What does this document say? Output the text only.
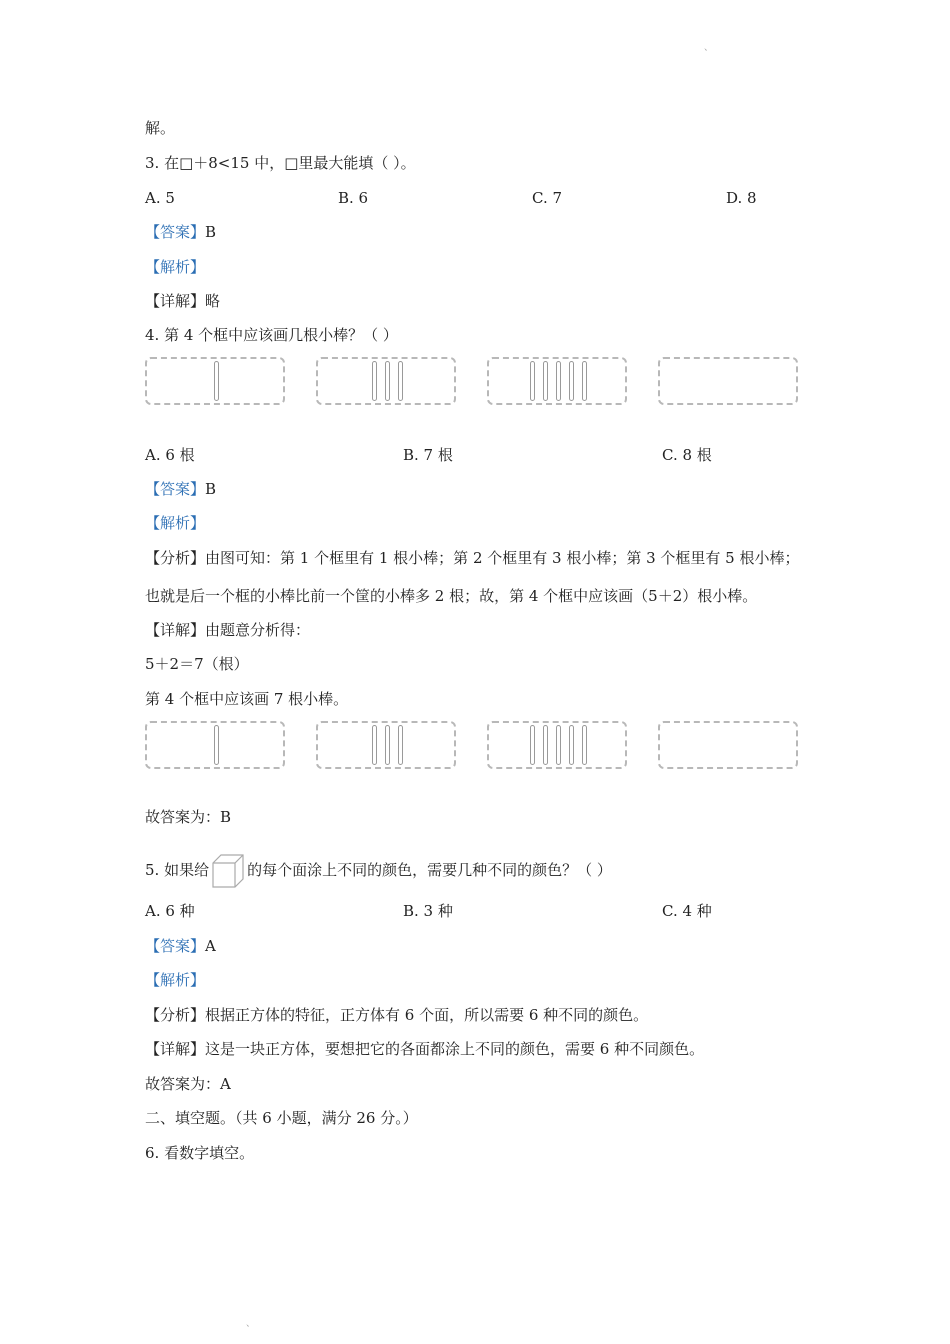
、
解。
3. 在□＋8<15 中，□里最大能填（ ）。
A. 5	B. 6	C. 7	D. 8
【答案】B
【解析】
【详解】略
4. 第 4 个框中应该画几根小棒？（ ）
A. 6 根	B. 7 根	C. 8 根
【答案】B
【解析】
【分析】由图可知：第 1 个框里有 1 根小棒；第 2 个框里有 3 根小棒；第 3 个框里有 5 根小棒；
也就是后一个框的小棒比前一个筐的小棒多 2 根；故，第 4 个框中应该画（5＋2）根小棒。
【详解】由题意分析得：
5＋2＝7（根）
第 4 个框中应该画 7 根小棒。
故答案为：B
5. 如果给	的每个面涂上不同的颜色，需要几种不同的颜色？（ ）
A. 6 种	B. 3 种	C. 4 种
【答案】A
【解析】
【分析】根据正方体的特征，正方体有 6 个面，所以需要 6 种不同的颜色。
【详解】这是一块正方体，要想把它的各面都涂上不同的颜色，需要 6 种不同颜色。
故答案为：A
二、填空题。（共 6 小题，满分 26 分。）
6. 看数字填空。
、
